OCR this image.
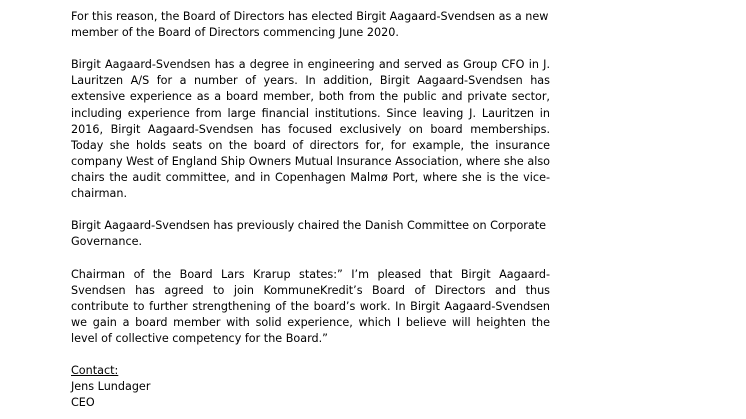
For this reason, the Board of Directors has elected Birgit Aagaard-Svendsen as a new member of the Board of Directors commencing June 2020.

Birgit Aagaard-Svendsen has a degree in engineering and served as Group CFO in J. Lauritzen A/S for a number of years. In addition, Birgit Aagaard-Svendsen has extensive experience as a board member, both from the public and private sector, including experience from large financial institutions. Since leaving J. Lauritzen in 2016, Birgit Aagaard-Svendsen has focused exclusively on board memberships. Today she holds seats on the board of directors for, for example, the insurance company West of England Ship Owners Mutual Insurance Association, where she also chairs the audit committee, and in Copenhagen Malmø Port, where she is the vice-chairman.

Birgit Aagaard-Svendsen has previously chaired the Danish Committee on Corporate Governance.

Chairman of the Board Lars Krarup states:” I’m pleased that Birgit Aagaard-Svendsen has agreed to join KommuneKredit’s Board of Directors and thus contribute to further strengthening of the board’s work. In Birgit Aagaard-Svendsen we gain a board member with solid experience, which I believe will heighten the level of collective competency for the Board.”

Contact:
Jens Lundager
CEO
